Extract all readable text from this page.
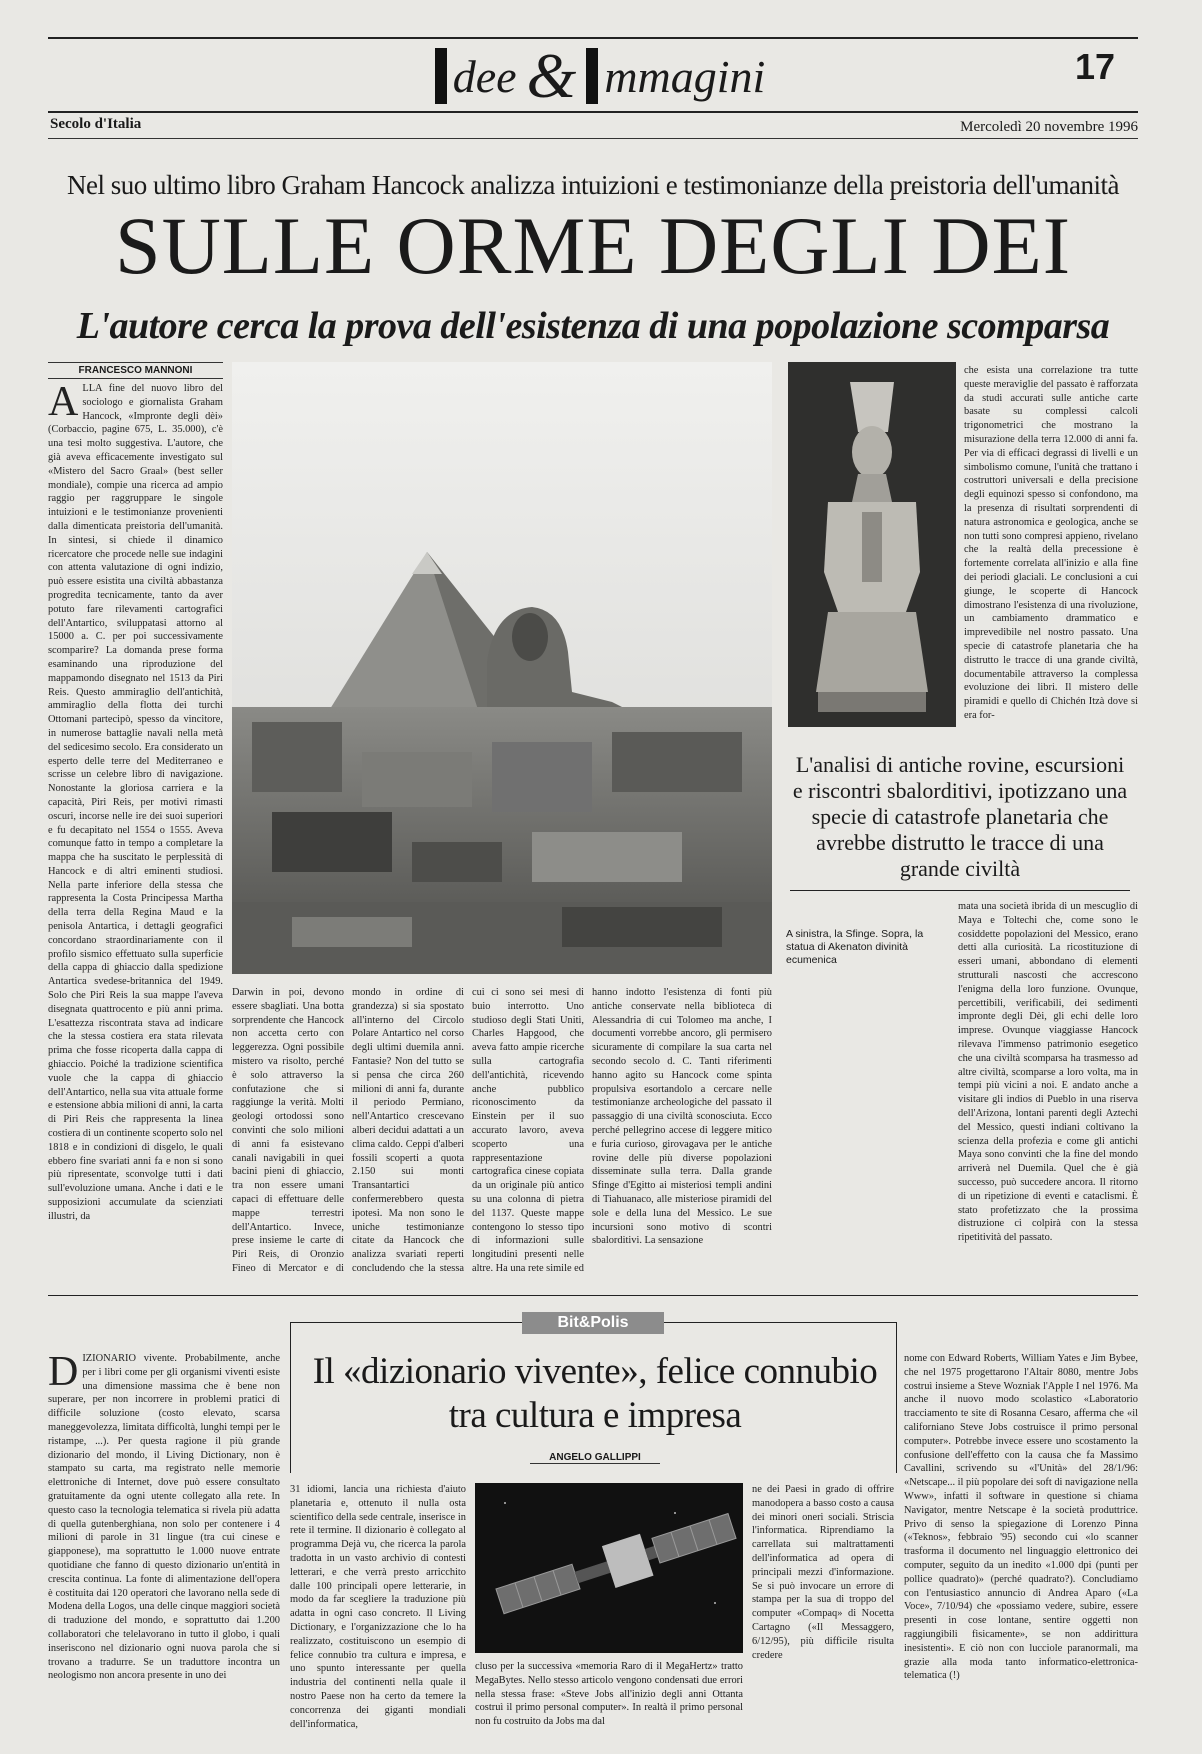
dee & mmagini	17
Secolo d'Italia	Mercoledì 20 novembre 1996
Nel suo ultimo libro Graham Hancock analizza intuizioni e testimonianze della preistoria dell'umanità
SULLE ORME DEGLI DEI
L'autore cerca la prova dell'esistenza di una popolazione scomparsa
FRANCESCO MANNONI

ALLA fine del nuovo libro del sociologo e giornalista Graham Hancock, «Impronte degli dèi» (Corbaccio, pagine 675, L. 35.000), c'è una tesi molto suggestiva. L'autore, che già aveva efficacemente investigato sul «Mistero del Sacro Graal» (best seller mondiale), compie una ricerca ad ampio raggio per raggruppare le singole intuizioni e le testimonianze provenienti dalla dimenticata preistoria dell'umanità. In sintesi, si chiede il dinamico ricercatore che procede nelle sue indagini con attenta valutazione di ogni indizio, può essere esistita una civiltà abbastanza progredita tecnicamente, tanto da aver potuto fare rilevamenti cartografici dell'Antartico, sviluppatasi attorno al 15000 a. C. per poi successivamente scomparire? La domanda prese forma esaminando una riproduzione del mappamondo disegnato nel 1513 da Piri Reis. Questo ammiraglio dell'antichità, ammiraglio della flotta dei turchi Ottomani partecipò, spesso da vincitore, in numerose battaglie navali nella metà del sedicesimo secolo. Era considerato un esperto delle terre del Mediterraneo e scrisse un celebre libro di navigazione. Nonostante la gloriosa carriera e la capacità, Piri Reis, per motivi rimasti oscuri, incorse nelle ire dei suoi superiori e fu decapitato nel 1554 o 1555. Aveva comunque fatto in tempo a completare la mappa che ha suscitato le perplessità di Hancock e di altri eminenti studiosi. Nella parte inferiore della stessa che rappresenta la Costa Principessa Martha della terra della Regina Maud e la penisola Antartica, i dettagli geografici concordano straordinariamente con il profilo sismico effettuato sulla superficie della cappa di ghiaccio dalla spedizione Antartica svedese-britannica del 1949. Solo che Piri Reis la sua mappe l'aveva disegnata quattrocento e più anni prima. L'esattezza riscontrata stava ad indicare che la stessa costiera era stata rilevata prima che fosse ricoperta dalla cappa di ghiaccio. Poiché la tradizione scientifica vuole che la cappa di ghiaccio dell'Antartico, nella sua vita attuale forme e estensione abbia milioni di anni, la carta di Piri Reis che rappresenta la linea costiera di un continente scoperto solo nel 1818 e in condizioni di disgelo, le quali ebbero fine svariati anni fa e non si sono più ripresentate, sconvolge tutti i dati sull'evoluzione umana. Anche i dati e le supposizioni accumulate da scienziati illustri, da

Darwin in poi, devono essere sbagliati. Una botta sorprendente che Hancock non accetta certo con leggerezza. Ogni possibile mistero va risolto, perché è solo attraverso la confutazione che si raggiunge la verità. Molti geologi ortodossi sono convinti che solo milioni di anni fa esistevano canali navigabili in quei bacini pieni di ghiaccio, tra non essere umani capaci di effettuare delle mappe terrestri dell'Antartico. Invece, prese insieme le carte di Piri Reis, di Oronzio Fineo di Mercator e di

mondo in ordine di grandezza) si sia spostato all'interno del Circolo Polare Antartico nel corso degli ultimi duemila anni. Fantasie? Non del tutto se si pensa che circa 260 milioni di anni fa, durante il periodo Permiano, nell'Antartico crescevano alberi decidui adattati a un clima caldo. Ceppi d'alberi fossili scoperti a quota 2.150 sui monti Transantartici confermerebbero questa ipotesi. Ma non sono le uniche testimonianze citate da Hancock che analizza svariati reperti concludendo che la stessa

cui ci sono sei mesi di buio interrotto. Uno studioso degli Stati Uniti, Charles Hapgood, che aveva fatto ampie ricerche sulla cartografia dell'antichità, ricevendo anche pubblico riconoscimento da Einstein per il suo accurato lavoro, aveva scoperto una rappresentazione cartografica cinese copiata da un originale più antico su una colonna di pietra del 1137. Queste mappe contengono lo stesso tipo di informazioni sulle longitudini presenti nelle altre. Ha una rete simile ed

hanno indotto l'esistenza di fonti più antiche conservate nella biblioteca di Alessandria di cui Tolomeo ma anche, I documenti vorrebbe ancoro, gli permisero sicuramente di compilare la sua carta nel secondo secolo d. C. Tanti riferimenti hanno agito su Hancock come spinta propulsiva esortandolo a cercare nelle testimonianze archeologiche del passato il passaggio di una civiltà sconosciuta. Ecco perché pellegrino accese di leggere mitico e furia curioso, girovagava per le antiche rovine delle più diverse popolazioni disseminate sulla terra. Dalla grande Sfinge d'Egitto ai misteriosi templi andini di Tiahuanaco, alle misteriose piramidi del sole e della luna del Messico. Le sue incursioni sono motivo di scontri sbalorditivi. La sensazione

che esista una correlazione tra tutte queste meraviglie del passato è rafforzata da studi accurati sulle antiche carte basate su complessi calcoli trigonometrici che mostrano la misurazione della terra 12.000 di anni fa. Per via di efficaci degrassi di livelli e un simbolismo comune, l'unità che trattano i costruttori universali e della precisione degli equinozi spesso si confondono, ma la presenza di risultati sorprendenti di natura astronomica e geologica, anche se non tutti sono compresi appieno, rivelano che la realtà della precessione è fortemente correlata all'inizio e alla fine dei periodi glaciali. Le conclusioni a cui giunge, le scoperte di Hancock dimostrano l'esistenza di una rivoluzione, un cambiamento drammatico e imprevedibile nel nostro passato. Una specie di catastrofe planetaria che ha distrutto le tracce di una grande civiltà, documentabile attraverso la complessa evoluzione dei libri. Il mistero delle piramidi e quello di Chichén Itzà dove si era for-

mata una società ibrida di un mescuglio di Maya e Toltechi che, come sono le cosiddette popolazioni del Messico, erano detti alla curiosità. La ricostituzione di esseri umani, abbondano di elementi strutturali nascosti che accrescono l'enigma della loro funzione. Ovunque, percettibili, verificabili, dei sedimenti impronte degli Dèi, gli echi delle loro imprese. Ovunque viaggiasse Hancock rilevava l'immenso patrimonio esegetico che una civiltà scomparsa ha trasmesso ad altre civiltà, scomparse a loro volta, ma in tempi più vicini a noi. E andato anche a visitare gli indios di Pueblo in una riserva dell'Arizona, lontani parenti degli Aztechi del Messico, questi indiani coltivano la scienza della profezia e come gli antichi Maya sono convinti che la fine del mondo arriverà nel Duemila. Quel che è già successo, può succedere ancora. Il ritorno di un ripetizione di eventi e cataclismi. È stato profetizzato che la prossima distruzione ci colpirà con la stessa ripetitività del passato.

A sinistra, la Sfinge. Sopra, la statua di Akenaton divinità ecumenica
L'analisi di antiche rovine, escursioni e riscontri sbalorditivi, ipotizzano una specie di catastrofe planetaria che avrebbe distrutto le tracce di una grande civiltà
Bit&Polis
Il «dizionario vivente», felice connubio tra cultura e impresa
ANGELO GALLIPPI

DIZIONARIO vivente. Probabilmente, anche per i libri come per gli organismi viventi esiste una dimensione massima che è bene non superare, per non incorrere in problemi pratici di difficile soluzione (costo elevato, scarsa maneggevolezza, limitata difficoltà, lunghi tempi per le ristampe, ...). Per questa ragione il più grande dizionario del mondo, il Living Dictionary, non è stampato su carta, ma registrato nelle memorie elettroniche di Internet, dove può essere consultato gratuitamente da ogni utente collegato alla rete. In questo caso la tecnologia telematica si rivela più adatta di quella gutenberghiana, non solo per contenere i 4 milioni di parole in 31 lingue (tra cui cinese e giapponese), ma soprattutto le 1.000 nuove entrate quotidiane che fanno di questo dizionario un'entità in crescita continua. La fonte di alimentazione dell'opera è costituita dai 120 operatori che lavorano nella sede di Modena della Logos, una delle cinque maggiori società di traduzione del mondo, e soprattutto dai 1.200 collaboratori che telelavorano in tutto il globo, i quali inseriscono nel dizionario ogni nuova parola che si trovano a tradurre. Se un traduttore incontra un neologismo non ancora presente in uno dei

31 idiomi, lancia una richiesta d'aiuto planetaria e, ottenuto il nulla osta scientifico della sede centrale, inserisce in rete il termine. Il dizionario è collegato al programma Dejà vu, che ricerca la parola tradotta in un vasto archivio di contesti letterari, e che verrà presto arricchito dalle 100 principali opere letterarie, in modo da far scegliere la traduzione più adatta in ogni caso concreto. Il Living Dictionary, e l'organizzazione che lo ha realizzato, costituiscono un esempio di felice connubio tra cultura e impresa, e uno spunto interessante per quella industria del continenti nella quale il nostro Paese non ha certo da temere la concorrenza dei giganti mondiali dell'informatica,

cluso per la successiva «memoria Raro di il MegaHertz» tratto MegaBytes. Nello stesso articolo vengono condensati due errori nella stessa frase: «Steve Jobs all'inizio degli anni Ottanta costruì il primo personal computer». In realtà il primo personal non fu costruito da Jobs ma dal

ne dei Paesi in grado di offrire manodopera a basso costo a causa dei minori oneri sociali. Striscia l'informatica. Riprendiamo la carrellata sui maltrattamenti dell'informatica ad opera di principali mezzi d'informazione. Se si può invocare un errore di stampa per la sua di troppo del computer «Compaq» di Nocetta Cartagno («Il Messaggero, 6/12/95), più difficile risulta credere

nome con Edward Roberts, William Yates e Jim Bybee, che nel 1975 progettarono l'Altair 8080, mentre Jobs costruì insieme a Steve Wozniak l'Apple I nel 1976. Ma anche il nuovo modo scolastico «Laboratorio tracciamento te site di Rosanna Cesaro, afferma che «il californiano Steve Jobs costruisce il primo personal computer». Potrebbe invece essere uno scostamento la confusione dell'effetto con la causa che fa Massimo Cavallini, scrivendo su «l'Unità» del 28/1/96: «Netscape... il più popolare dei soft di navigazione nella Www», infatti il software in questione si chiama Navigator, mentre Netscape è la società produttrice. Privo di senso la spiegazione di Lorenzo Pinna («Teknos», febbraio '95) secondo cui «lo scanner trasforma il documento nel linguaggio elettronico dei computer, seguito da un inedito «1.000 dpi (punti per pollice quadrato)» (perché quadrato?). Concludiamo con l'entusiastico annuncio di Andrea Aparo («La Voce», 7/10/94) che «possiamo vedere, subire, essere presenti in cose lontane, sentire oggetti non raggiungibili fisicamente», se non addirittura inesistenti». E ciò non con lucciole paranormali, ma grazie alla moda tanto informatico-elettronica-telematica (!)
